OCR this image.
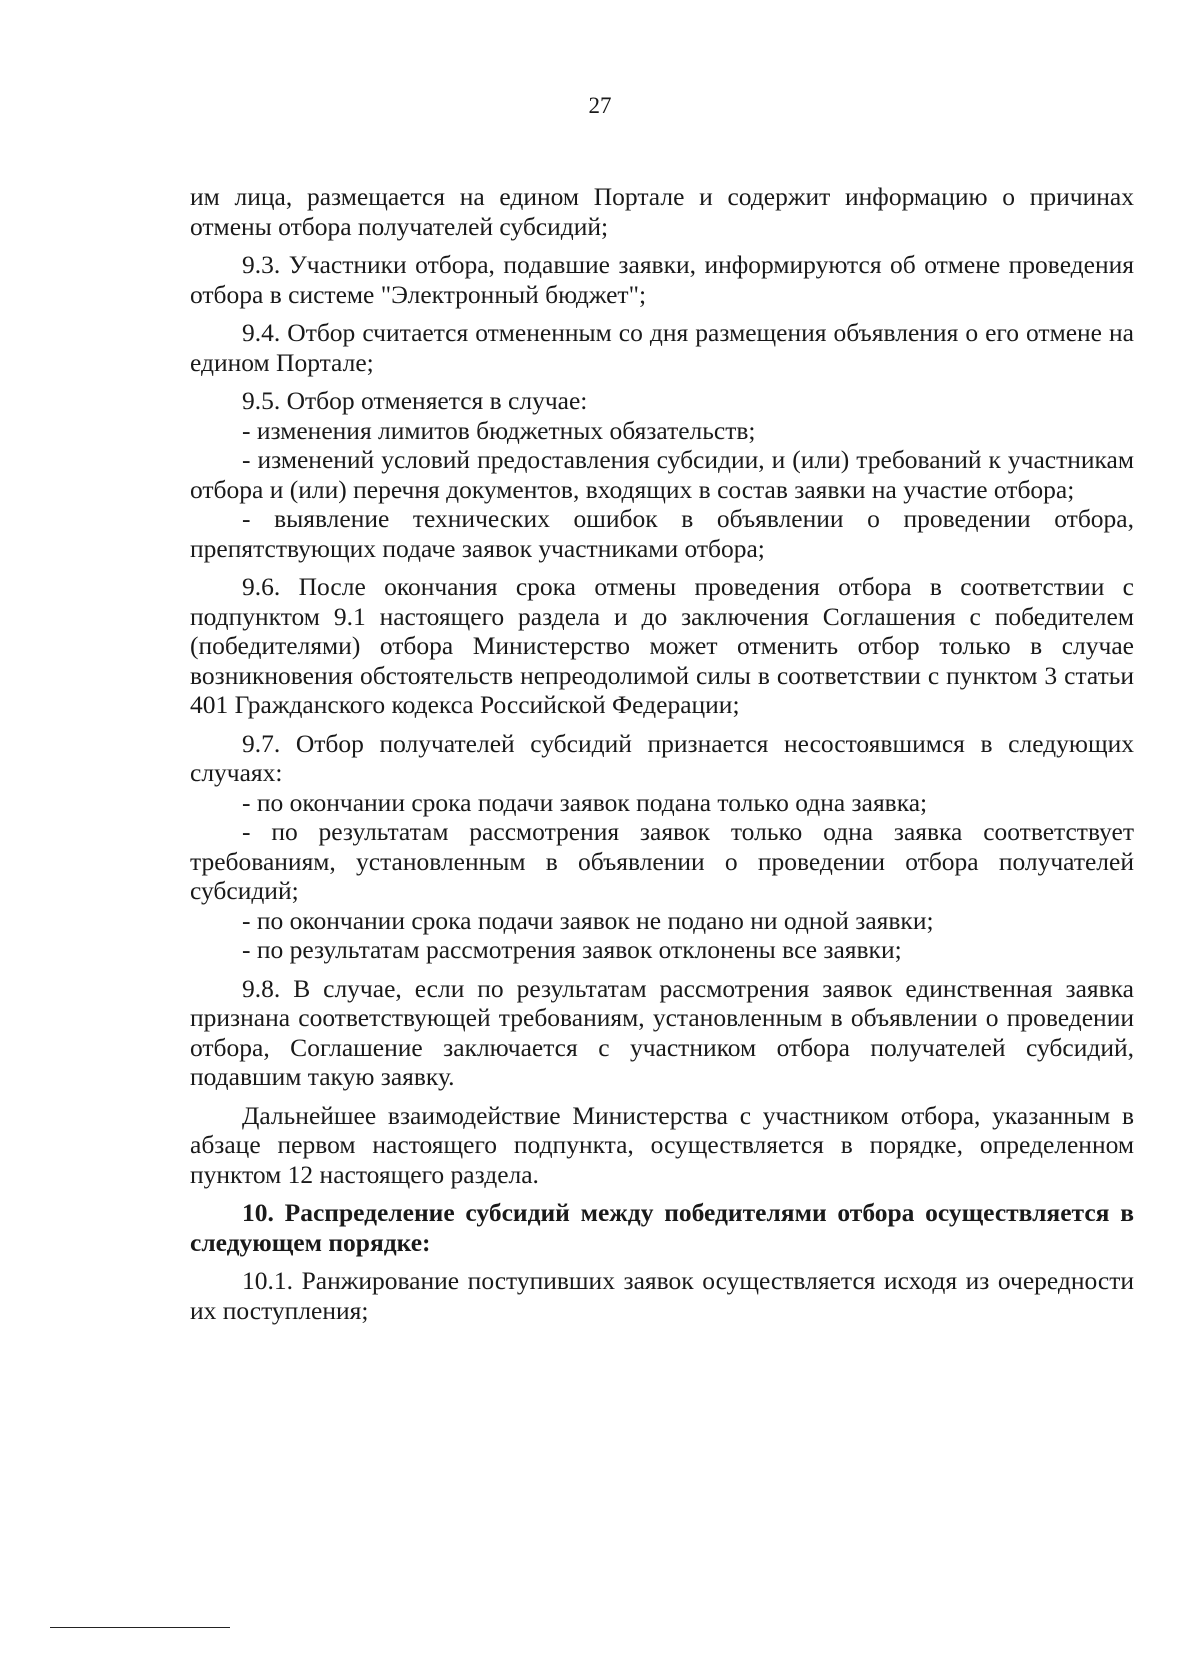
27

им лица, размещается на едином Портале и содержит информацию о причинах отмены отбора получателей субсидий;

9.3. Участники отбора, подавшие заявки, информируются об отмене проведения отбора в системе "Электронный бюджет";

9.4. Отбор считается отмененным со дня размещения объявления о его отмене на едином Портале;

9.5. Отбор отменяется в случае:

- изменения лимитов бюджетных обязательств;

- изменений условий предоставления субсидии, и (или) требований к участникам отбора и (или) перечня документов, входящих в состав заявки на участие отбора;

- выявление технических ошибок в объявлении о проведении отбора, препятствующих подаче заявок участниками отбора;

9.6. После окончания срока отмены проведения отбора в соответствии с подпунктом 9.1 настоящего раздела и до заключения Соглашения с победителем (победителями) отбора Министерство может отменить отбор только в случае возникновения обстоятельств непреодолимой силы в соответствии с пунктом 3 статьи 401 Гражданского кодекса Российской Федерации;

9.7. Отбор получателей субсидий признается несостоявшимся в следующих случаях:

- по окончании срока подачи заявок подана только одна заявка;

- по результатам рассмотрения заявок только одна заявка соответствует требованиям, установленным в объявлении о проведении отбора получателей субсидий;

- по окончании срока подачи заявок не подано ни одной заявки;

- по результатам рассмотрения заявок отклонены все заявки;

9.8. В случае, если по результатам рассмотрения заявок единственная заявка признана соответствующей требованиям, установленным в объявлении о проведении отбора, Соглашение заключается с участником отбора получателей субсидий, подавшим такую заявку.

Дальнейшее взаимодействие Министерства с участником отбора, указанным в абзаце первом настоящего подпункта, осуществляется в порядке, определенном пунктом 12 настоящего раздела.

10. Распределение субсидий между победителями отбора осуществляется в следующем порядке:

10.1. Ранжирование поступивших заявок осуществляется исходя из очередности их поступления;
